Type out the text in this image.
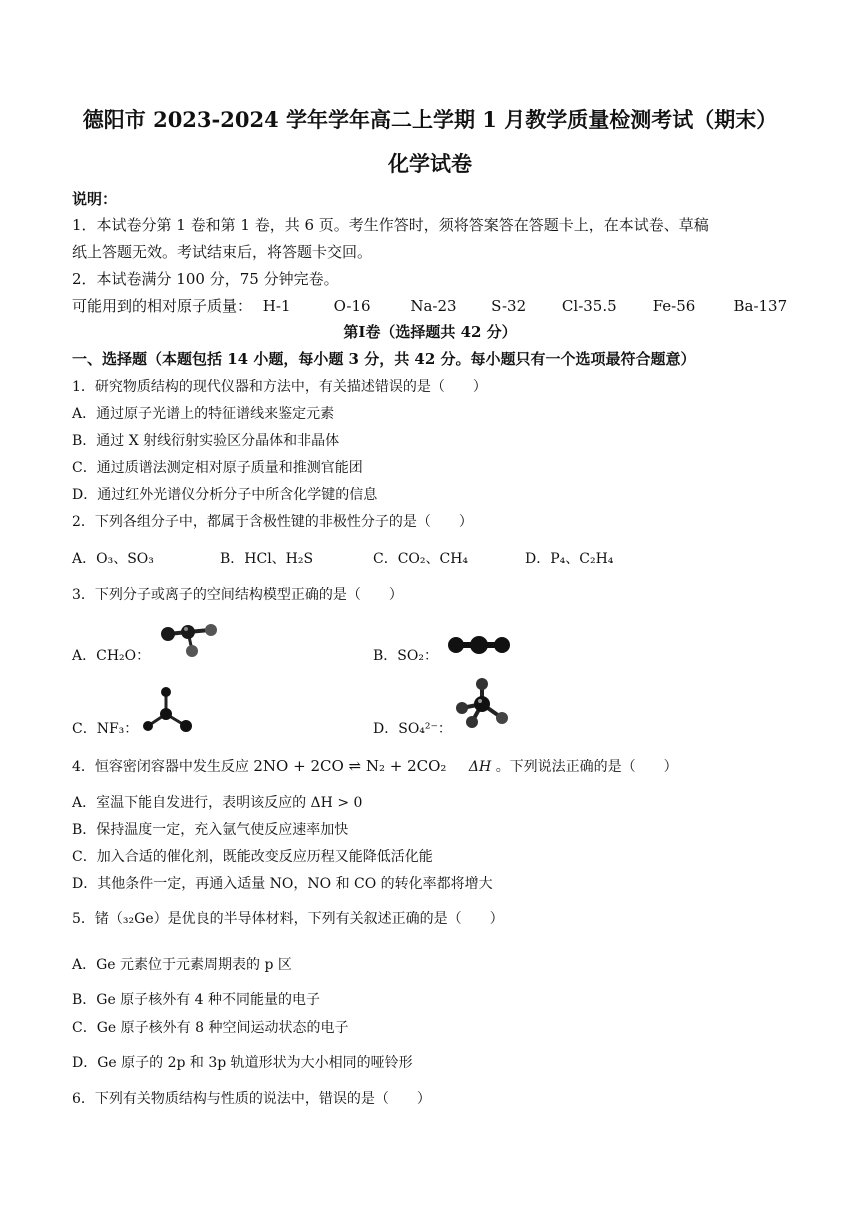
德阳市 2023-2024 学年学年高二上学期 1 月教学质量检测考试（期末）
化学试卷
说明：
1．本试卷分第 1 卷和第 1 卷，共 6 页。考生作答时，须将答案答在答题卡上，在本试卷、草稿
纸上答题无效。考试结束后，将答题卡交回。
2．本试卷满分 100 分，75 分钟完卷。
可能用到的相对原子质量： H-1	O-16	Na-23 S-32 Cl-35.5 Fe-56	Ba-137
第Ⅰ卷（选择题共 42 分）
一、选择题（本题包括 14 小题，每小题 3 分，共 42 分。每小题只有一个选项最符合题意）
1．研究物质结构的现代仪器和方法中，有关描述错误的是（　　）
A．通过原子光谱上的特征谱线来鉴定元素
B．通过 X 射线衍射实验区分晶体和非晶体
C．通过质谱法测定相对原子质量和推测官能团
D．通过红外光谱仪分析分子中所含化学键的信息
2．下列各组分子中，都属于含极性键的非极性分子的是（　　）
A．O₃、SO₃	B．HCl、H₂S	C．CO₂、CH₄	D．P₄、C₂H₄
3．下列分子或离子的空间结构模型正确的是（　　）
A．CH₂O：	B．SO₂：
C．NF₃：	D．SO₄²⁻：
4．恒容密闭容器中发生反应 2NO + 2CO ⇌ N₂ + 2CO₂ ΔH 。下列说法正确的是（　　）
A．室温下能自发进行，表明该反应的 ΔH > 0
B．保持温度一定，充入氩气使反应速率加快
C．加入合适的催化剂，既能改变反应历程又能降低活化能
D．其他条件一定，再通入适量 NO，NO 和 CO 的转化率都将增大
5．锗（₃₂Ge）是优良的半导体材料，下列有关叙述正确的是（　　）
A．Ge 元素位于元素周期表的 p 区
B．Ge 原子核外有 4 种不同能量的电子
C．Ge 原子核外有 8 种空间运动状态的电子
D．Ge 原子的 2p 和 3p 轨道形状为大小相同的哑铃形
6．下列有关物质结构与性质的说法中，错误的是（　　）
